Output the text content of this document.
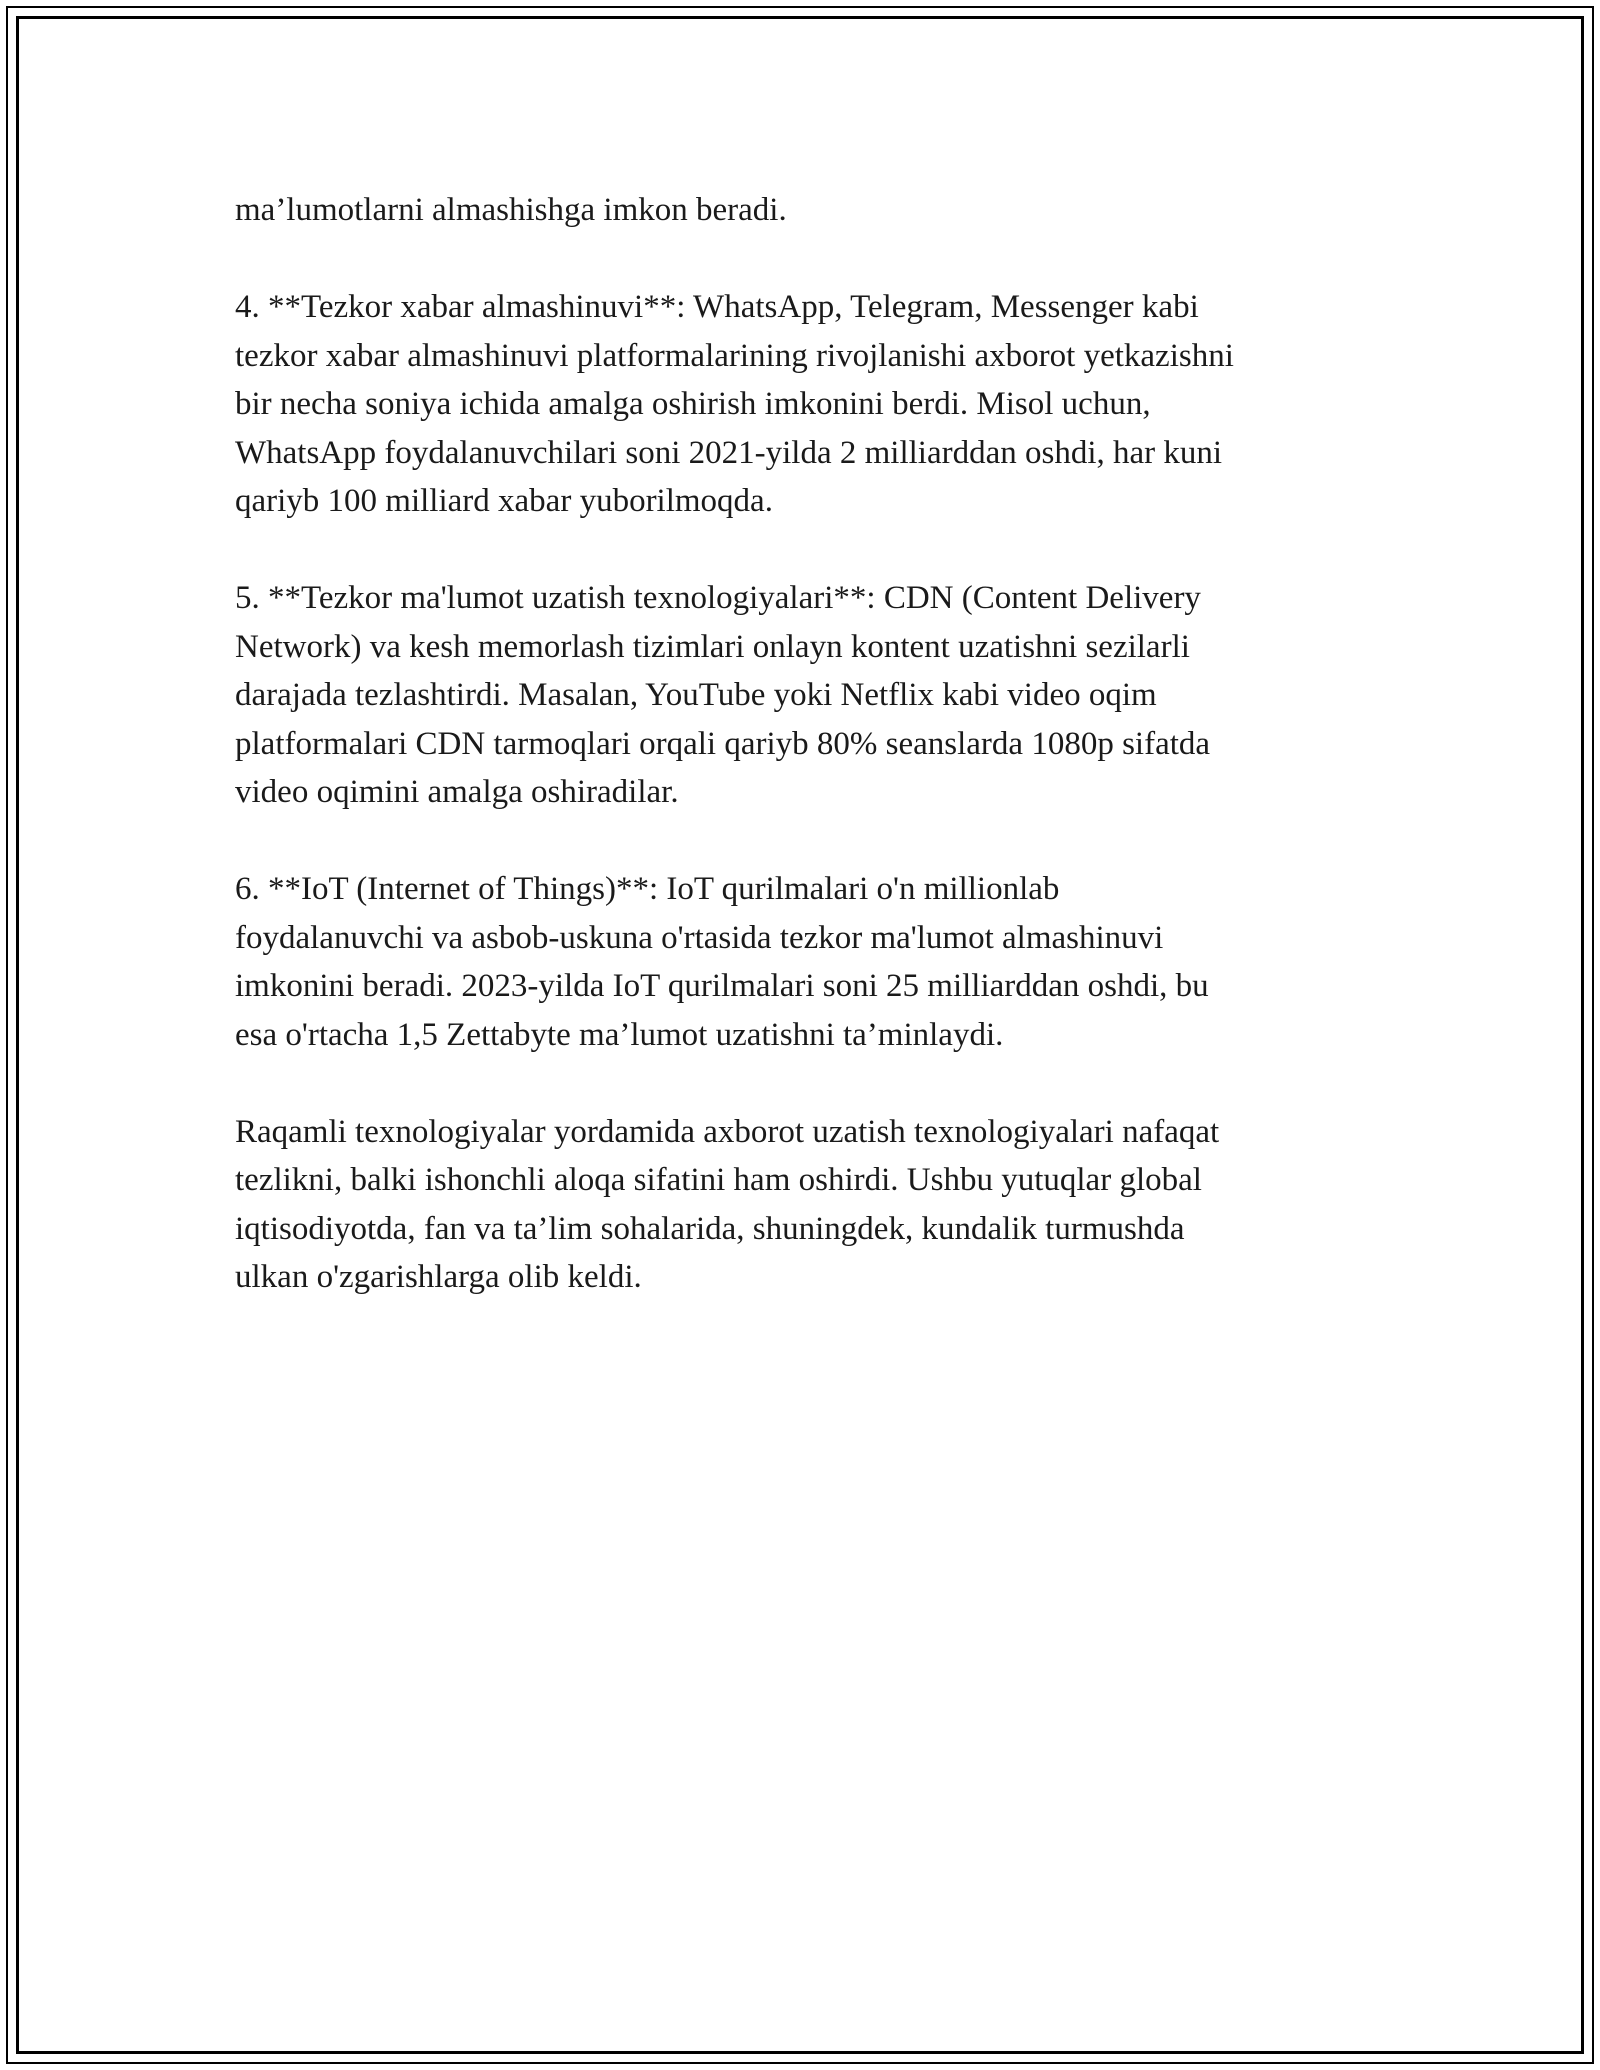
ma’lumotlarni almashishga imkon beradi.

4. **Tezkor xabar almashinuvi**: WhatsApp, Telegram, Messenger kabi
tezkor xabar almashinuvi platformalarining rivojlanishi axborot yetkazishni
bir necha soniya ichida amalga oshirish imkonini berdi. Misol uchun,
WhatsApp foydalanuvchilari soni 2021-yilda 2 milliarddan oshdi, har kuni
qariyb 100 milliard xabar yuborilmoqda.

5. **Tezkor ma'lumot uzatish texnologiyalari**: CDN (Content Delivery
Network) va kesh memorlash tizimlari onlayn kontent uzatishni sezilarli
darajada tezlashtirdi. Masalan, YouTube yoki Netflix kabi video oqim
platformalari CDN tarmoqlari orqali qariyb 80% seanslarda 1080p sifatda
video oqimini amalga oshiradilar.

6. **IoT (Internet of Things)**: IoT qurilmalari o'n millionlab
foydalanuvchi va asbob-uskuna o'rtasida tezkor ma'lumot almashinuvi
imkonini beradi. 2023-yilda IoT qurilmalari soni 25 milliarddan oshdi, bu
esa o'rtacha 1,5 Zettabyte ma’lumot uzatishni ta’minlaydi.

Raqamli texnologiyalar yordamida axborot uzatish texnologiyalari nafaqat
tezlikni, balki ishonchli aloqa sifatini ham oshirdi. Ushbu yutuqlar global
iqtisodiyotda, fan va ta’lim sohalarida, shuningdek, kundalik turmushda
ulkan o'zgarishlarga olib keldi.
